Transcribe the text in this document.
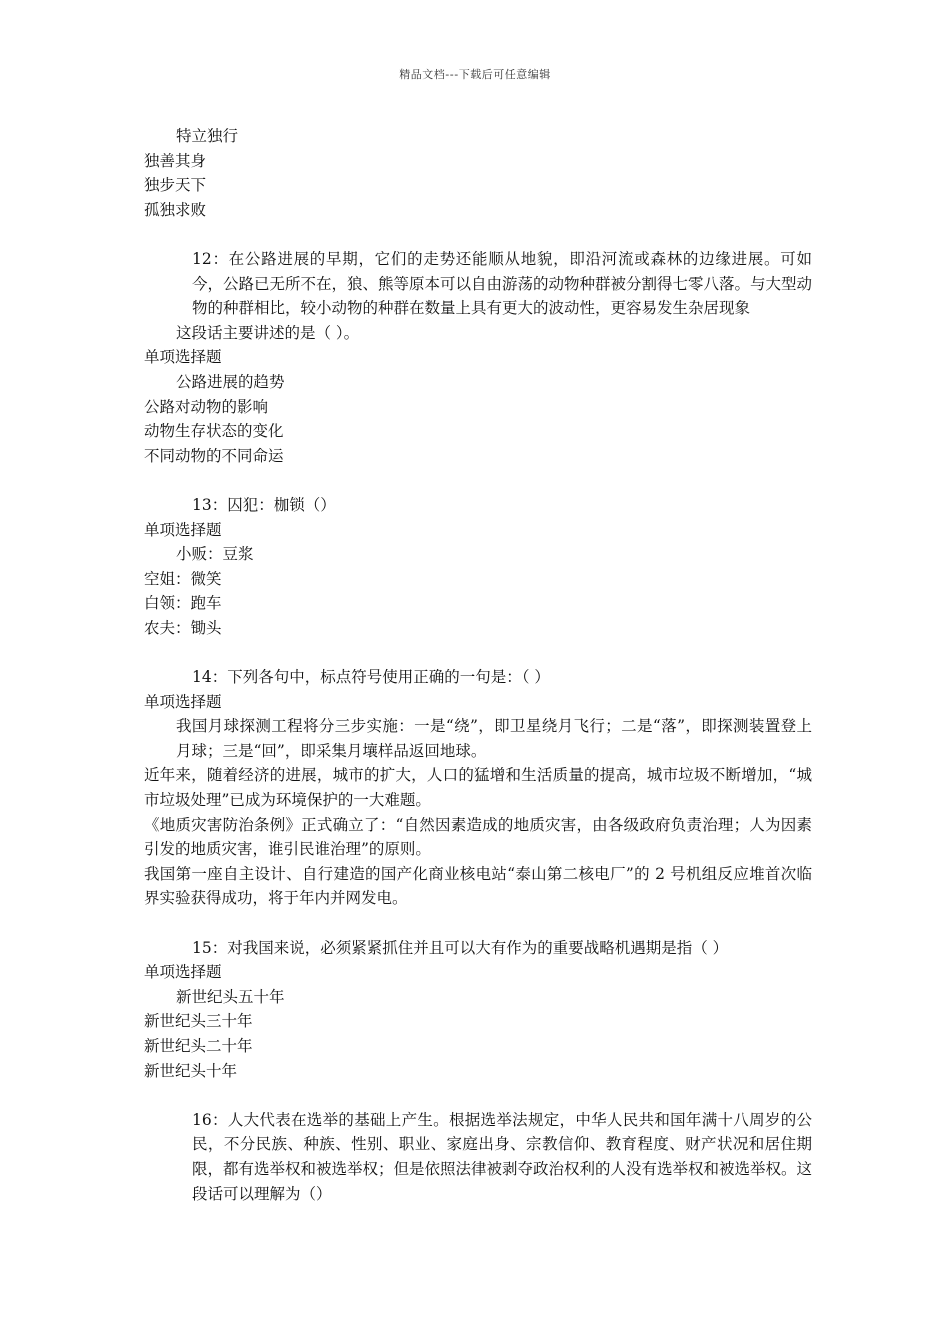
精品文档---下载后可任意编辑

特立独行

独善其身

独步天下

孤独求败

12：在公路进展的早期，它们的走势还能顺从地貌，即沿河流或森林的边缘进展。可如今，公路已无所不在，狼、熊等原本可以自由游荡的动物种群被分割得七零八落。与大型动物的种群相比，较小动物的种群在数量上具有更大的波动性，更容易发生杂居现象

这段话主要讲述的是（ ）。

单项选择题

公路进展的趋势

公路对动物的影响

动物生存状态的变化

不同动物的不同命运

13：囚犯：枷锁（）

单项选择题

小贩：豆浆

空姐：微笑

白领：跑车

农夫：锄头

14：下列各句中，标点符号使用正确的一句是：（ ）

单项选择题

我国月球探测工程将分三步实施：一是“绕”，即卫星绕月飞行；二是“落”，即探测装置登上月球；三是“回”，即采集月壤样品返回地球。

近年来，随着经济的进展，城市的扩大，人口的猛增和生活质量的提高，城市垃圾不断增加，“城市垃圾处理”已成为环境保护的一大难题。

《地质灾害防治条例》正式确立了：“自然因素造成的地质灾害，由各级政府负责治理；人为因素引发的地质灾害，谁引民谁治理”的原则。

我国第一座自主设计、自行建造的国产化商业核电站“泰山第二核电厂”的 2 号机组反应堆首次临界实验获得成功，将于年内并网发电。

15：对我国来说，必须紧紧抓住并且可以大有作为的重要战略机遇期是指（ ）

单项选择题

新世纪头五十年

新世纪头三十年

新世纪头二十年

新世纪头十年

16：人大代表在选举的基础上产生。根据选举法规定，中华人民共和国年满十八周岁的公民，不分民族、种族、性别、职业、家庭出身、宗教信仰、教育程度、财产状况和居住期限，都有选举权和被选举权；但是依照法律被剥夺政治权利的人没有选举权和被选举权。这段话可以理解为（）
